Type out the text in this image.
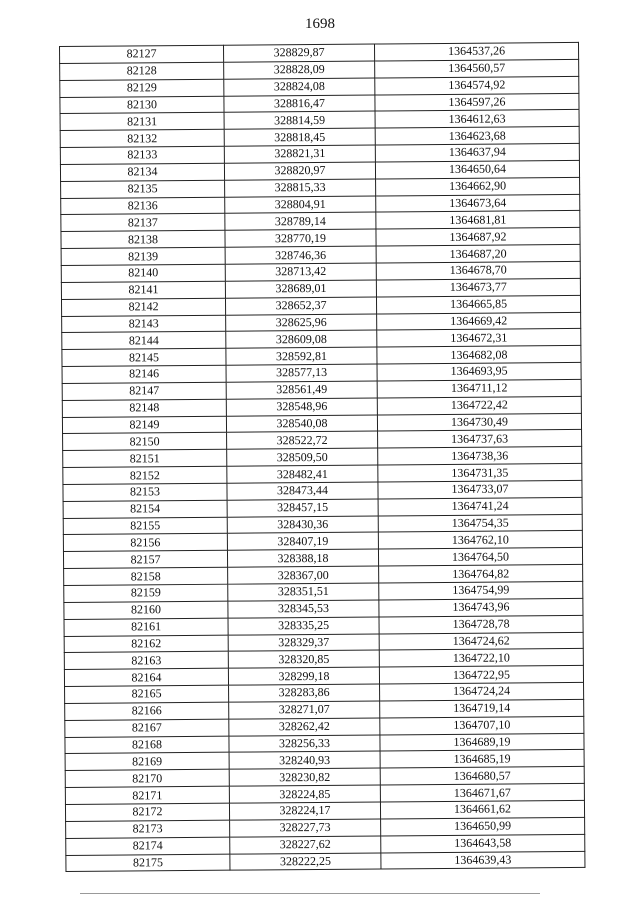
1698
82127	328829,87	1364537,26
82128	328828,09	1364560,57
82129	328824,08	1364574,92
82130	328816,47	1364597,26
82131	328814,59	1364612,63
82132	328818,45	1364623,68
82133	328821,31	1364637,94
82134	328820,97	1364650,64
82135	328815,33	1364662,90
82136	328804,91	1364673,64
82137	328789,14	1364681,81
82138	328770,19	1364687,92
82139	328746,36	1364687,20
82140	328713,42	1364678,70
82141	328689,01	1364673,77
82142	328652,37	1364665,85
82143	328625,96	1364669,42
82144	328609,08	1364672,31
82145	328592,81	1364682,08
82146	328577,13	1364693,95
82147	328561,49	1364711,12
82148	328548,96	1364722,42
82149	328540,08	1364730,49
82150	328522,72	1364737,63
82151	328509,50	1364738,36
82152	328482,41	1364731,35
82153	328473,44	1364733,07
82154	328457,15	1364741,24
82155	328430,36	1364754,35
82156	328407,19	1364762,10
82157	328388,18	1364764,50
82158	328367,00	1364764,82
82159	328351,51	1364754,99
82160	328345,53	1364743,96
82161	328335,25	1364728,78
82162	328329,37	1364724,62
82163	328320,85	1364722,10
82164	328299,18	1364722,95
82165	328283,86	1364724,24
82166	328271,07	1364719,14
82167	328262,42	1364707,10
82168	328256,33	1364689,19
82169	328240,93	1364685,19
82170	328230,82	1364680,57
82171	328224,85	1364671,67
82172	328224,17	1364661,62
82173	328227,73	1364650,99
82174	328227,62	1364643,58
82175	328222,25	1364639,43
